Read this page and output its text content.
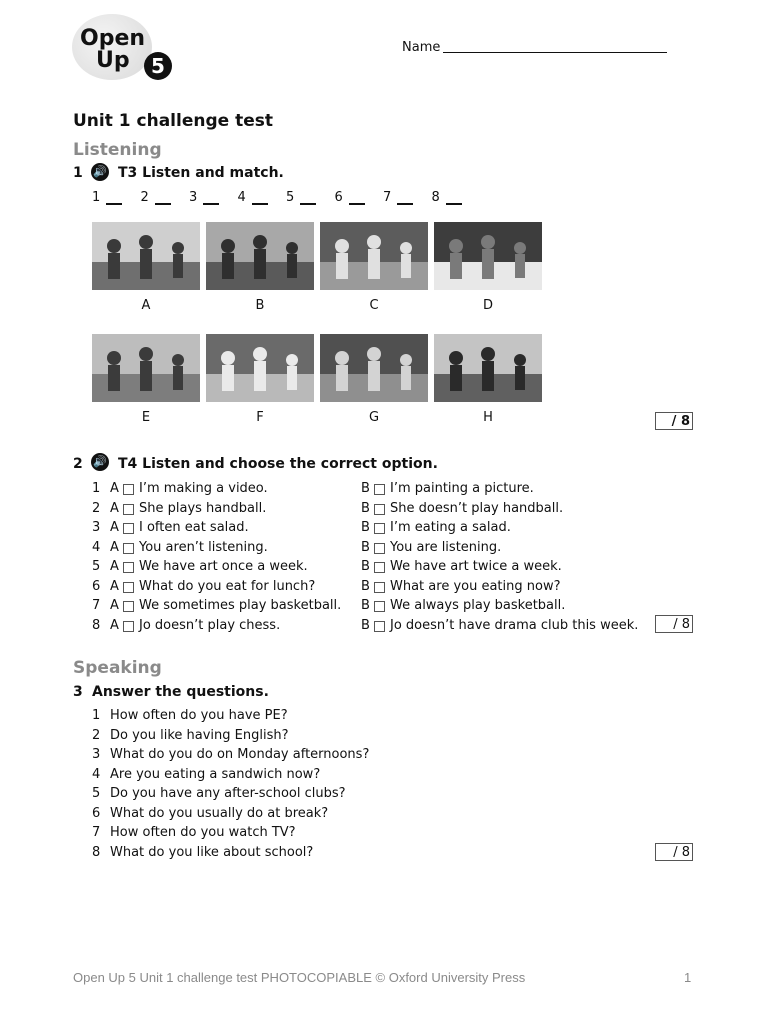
Open
Up	5
Name
Unit 1 challenge test
Listening
1 🔊 T3 Listen and match.
1	2	3	4	5	6	7	8
A	B	C	D
E	F	G	H	/ 8
2 🔊 T4 Listen and choose the correct option.
1 A	I’m making a video.	B	I’m painting a picture.
2 A	She plays handball.	B	She doesn’t play handball.
3 A	I often eat salad.	B	I’m eating a salad.
4 A	You aren’t listening.	B	You are listening.
5 A	We have art once a week.	B	We have art twice a week.
6 A	What do you eat for lunch?	B	What are you eating now?
7 A	We sometimes play basketball.	B	We always play basketball.
8 A	Jo doesn’t play chess.	B	Jo doesn’t have drama club this week.	/ 8
Speaking
3 Answer the questions.
1 How often do you have PE?
2 Do you like having English?
3 What do you do on Monday afternoons?
4 Are you eating a sandwich now?
5 Do you have any after-school clubs?
6 What do you usually do at break?
7 How often do you watch TV?
8 What do you like about school?	/ 8
Open Up 5 Unit 1 challenge test PHOTOCOPIABLE © Oxford University Press	1
